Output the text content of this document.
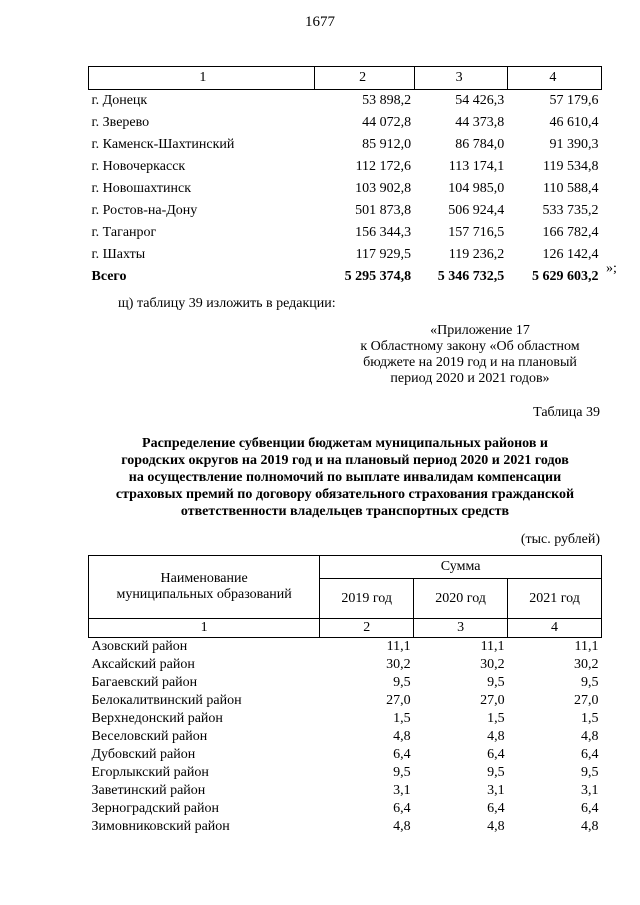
1677
1	2	3	4
г. Донецк	53 898,2	54 426,3	57 179,6
г. Зверево	44 072,8	44 373,8	46 610,4
г. Каменск-Шахтинский	85 912,0	86 784,0	91 390,3
г. Новочеркасск	112 172,6	113 174,1	119 534,8
г. Новошахтинск	103 902,8	104 985,0	110 588,4
г. Ростов-на-Дону	501 873,8	506 924,4	533 735,2
г. Таганрог	156 344,3	157 716,5	166 782,4
г. Шахты	117 929,5	119 236,2	126 142,4
Всего	5 295 374,8	5 346 732,5	5 629 603,2
»;
щ) таблицу 39 изложить в редакции:
«Приложение 17
к Областному закону «Об областном
бюджете на 2019 год и на плановый
период 2020 и 2021 годов»
Таблица 39
Распределение субвенции бюджетам муниципальных районов и
городских округов на 2019 год и на плановый период 2020 и 2021 годов
на осуществление полномочий по выплате инвалидам компенсации
страховых премий по договору обязательного страхования гражданской
ответственности владельцев транспортных средств
(тыс. рублей)
Наименование
муниципальных образований	Сумма		
	2019 год	2020 год	2021 год
1	2	3	4
Азовский район	11,1	11,1	11,1
Аксайский район	30,2	30,2	30,2
Багаевский район	9,5	9,5	9,5
Белокалитвинский район	27,0	27,0	27,0
Верхнедонский район	1,5	1,5	1,5
Веселовский район	4,8	4,8	4,8
Дубовский район	6,4	6,4	6,4
Егорлыкский район	9,5	9,5	9,5
Заветинский район	3,1	3,1	3,1
Зерноградский район	6,4	6,4	6,4
Зимовниковский район	4,8	4,8	4,8
